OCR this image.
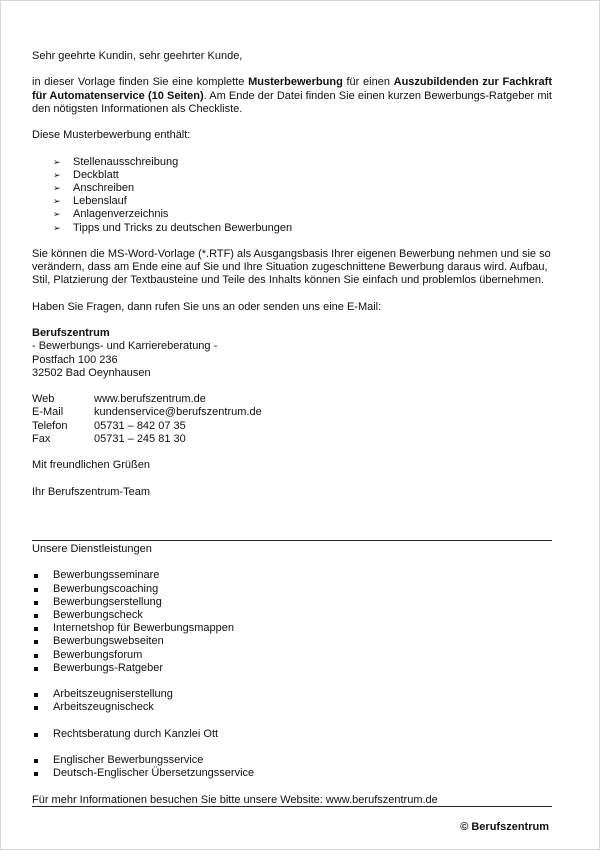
Sehr geehrte Kundin, sehr geehrter Kunde,

in dieser Vorlage finden Sie eine komplette Musterbewerbung für einen Auszubildenden zur Fachkraft für Automatenservice (10 Seiten). Am Ende der Datei finden Sie einen kurzen Bewerbungs-Ratgeber mit den nötigsten Informationen als Checkliste.

Diese Musterbewerbung enthält:

➢ Stellenausschreibung
➢ Deckblatt
➢ Anschreiben
➢ Lebenslauf
➢ Anlagenverzeichnis
➢ Tipps und Tricks zu deutschen Bewerbungen

Sie können die MS-Word-Vorlage (*.RTF) als Ausgangsbasis Ihrer eigenen Bewerbung nehmen und sie so verändern, dass am Ende eine auf Sie und Ihre Situation zugeschnittene Bewerbung daraus wird. Aufbau, Stil, Platzierung der Textbausteine und Teile des Inhalts können Sie einfach und problemlos übernehmen.

Haben Sie Fragen, dann rufen Sie uns an oder senden uns eine E-Mail:

Berufszentrum
- Bewerbungs- und Karriereberatung -
Postfach 100 236
32502 Bad Oeynhausen

Web	www.berufszentrum.de
E-Mail	kundenservice@berufszentrum.de
Telefon	05731 – 842 07 35
Fax	05731 – 245 81 30

Mit freundlichen Grüßen

Ihr Berufszentrum-Team

Unsere Dienstleistungen

Bewerbungsseminare
Bewerbungscoaching
Bewerbungserstellung
Bewerbungscheck
Internetshop für Bewerbungsmappen
Bewerbungswebseiten
Bewerbungsforum
Bewerbungs-Ratgeber
Arbeitszeugniserstellung
Arbeitszeugnischeck
Rechtsberatung durch Kanzlei Ott
Englischer Bewerbungsservice
Deutsch-Englischer Übersetzungsservice

Für mehr Informationen besuchen Sie bitte unsere Website: www.berufszentrum.de

© Berufszentrum
